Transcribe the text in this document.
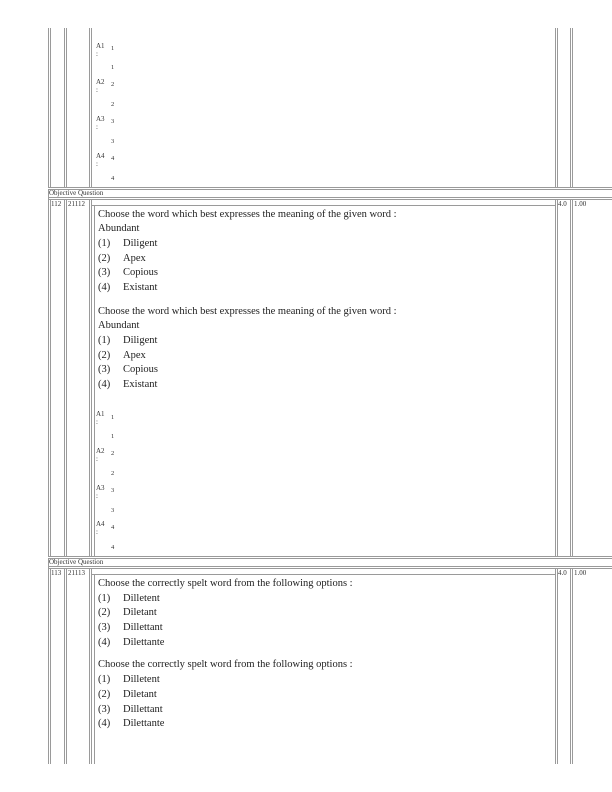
A1
:
1
1
A2
:
2
2
A3
:
3
3
A4
:
4
4
Objective Question
112 21112	4.0 1.00
Choose the word which best expresses the meaning of the given word :
Abundant
(1) Diligent
(2) Apex
(3) Copious
(4) Existant
Choose the word which best expresses the meaning of the given word :
Abundant
(1) Diligent
(2) Apex
(3) Copious
(4) Existant
A1
:
1
1
A2
:
2
2
A3
:
3
3
A4
:
4
4
Objective Question
113 21113	4.0 1.00
Choose the correctly spelt word from the following options :
(1) Dilletent
(2) Diletant
(3) Dillettant
(4) Dilettante
Choose the correctly spelt word from the following options :
(1) Dilletent
(2) Diletant
(3) Dillettant
(4) Dilettante
